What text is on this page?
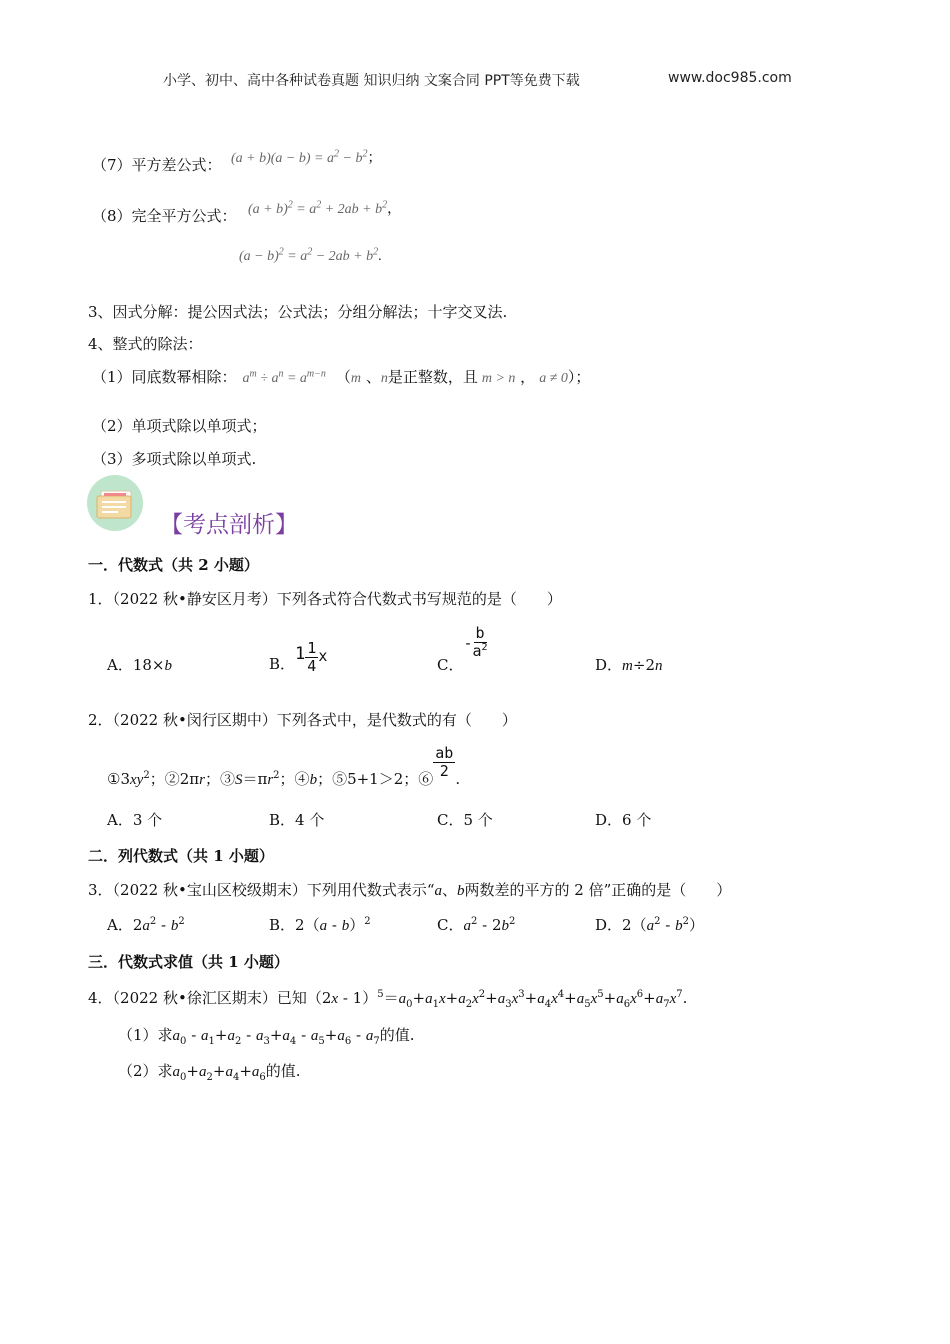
小学、初中、高中各种试卷真题 知识归纳 文案合同 PPT等免费下载	www.doc985.com
（7）平方差公式： $(a + b)(a - b) = a^2 - b^2$；
（8）完全平方公式： $(a + b)^2 = a^2 + 2ab + b^2$，
$(a - b)^2 = a^2 - 2ab + b^2$.
3、因式分解：提公因式法；公式法；分组分解法；十字交叉法.
4、整式的除法：
（1）同底数幂相除： $a^m \div a^n = a^{m-n}$ （m 、n是正整数，且 m > n ， a ≠ 0）；
（2）单项式除以单项式；
（3）多项式除以单项式.
【考点剖析】
一．代数式（共 2 小题）
1．（2022 秋•静安区月考）下列各式符合代数式书写规范的是（　　）
A．18×b	B．$1 \frac{1}{4}$ x	C．- $\frac{b}{a^2}$
D．m÷2n
2．（2022 秋•闵行区期中）下列各式中，是代数式的有（　　）
$①3xy^2$；②2πr；$③S=\pi r^2$；④b；⑤5+1＞2；⑥ $\frac{ab}{2}$ .
A．3 个	B．4 个	C．5 个	D．6 个
二．列代数式（共 1 小题）
3．（2022 秋•宝山区校级期末）下列用代数式表示“a、b两数差的平方的 2 倍”正确的是（　　）
A．$2a^2 - b^2$	B．2（a - b）$^2$	C．$a^2 - 2b^2$	D．$2(a^2 - b^2)$
三．代数式求值（共 1 小题）
4．（2022 秋•徐汇区期末）已知$(2x - 1)^5=a_0+a_1x+a_2x^2+a_3x^3+a_4x^4+a_5x^5+a_6x^6+a_7x^7$.
（1）求$a_0 - a_1+a_2 - a_3+a_4 - a_5+a_6 - a_7$的值.
（2）求$a_0+a_2+a_4+a_6$的值.
